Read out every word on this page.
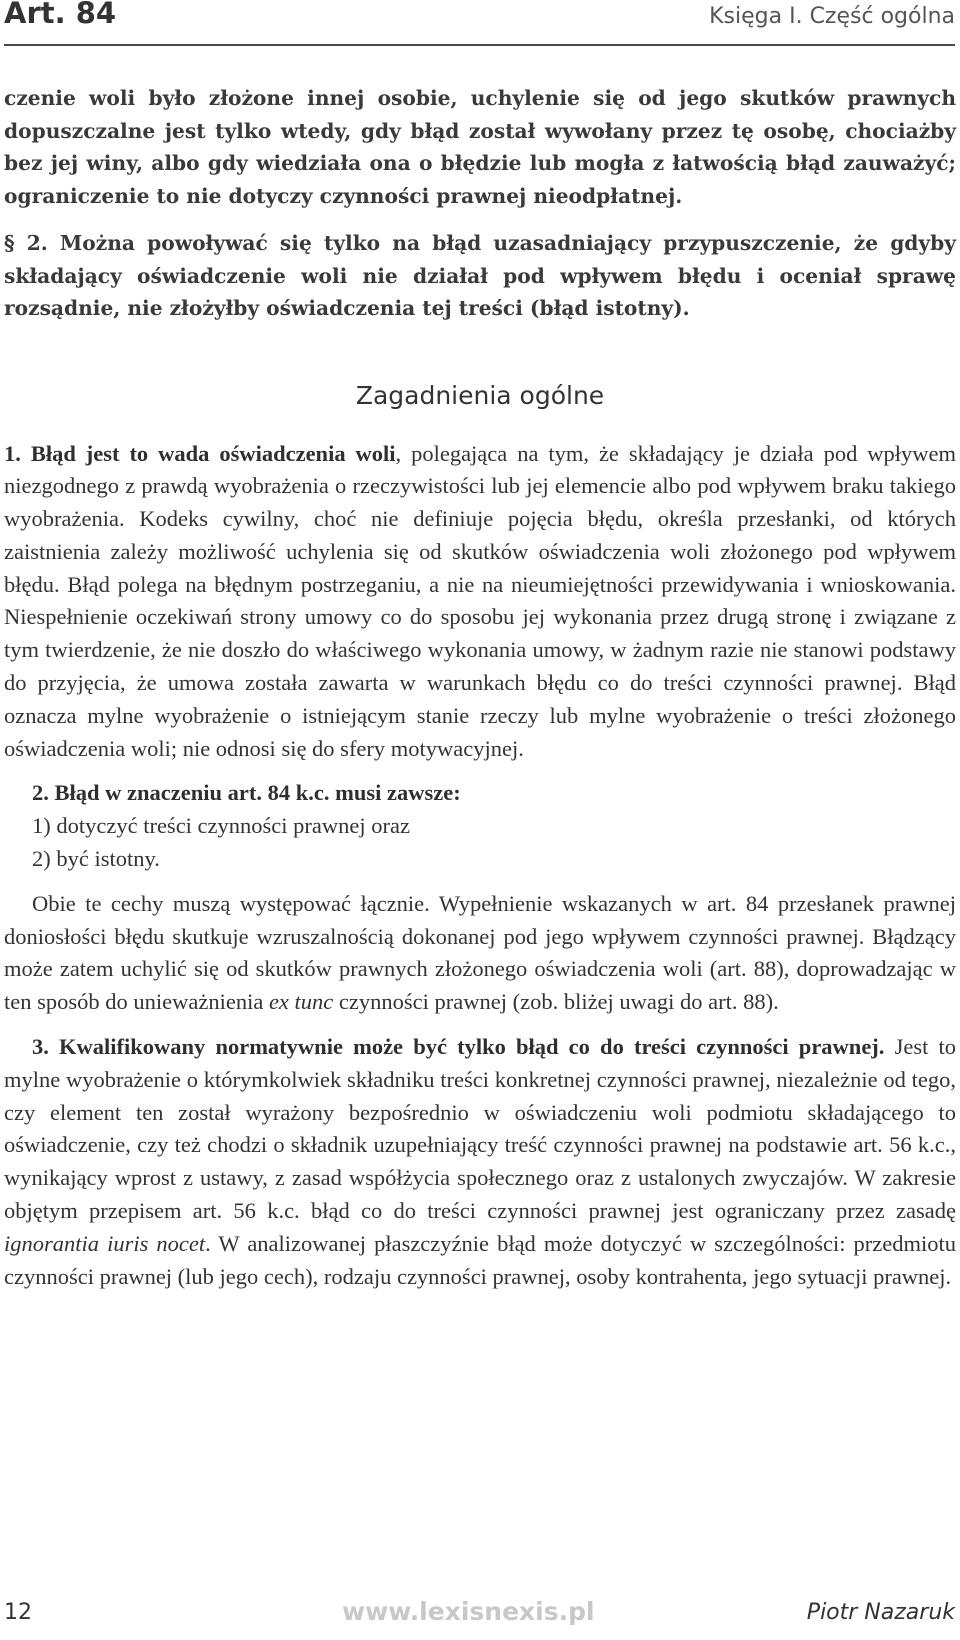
Art. 84	Księga I. Część ogólna

czenie woli było złożone innej osobie, uchylenie się od jego skutków prawnych dopuszczalne jest tylko wtedy, gdy błąd został wywołany przez tę osobę, chociażby bez jej winy, albo gdy wiedziała ona o błędzie lub mogła z łatwością błąd zauważyć; ograniczenie to nie dotyczy czynności prawnej nieodpłatnej.

§ 2. Można powoływać się tylko na błąd uzasadniający przypuszczenie, że gdyby składający oświadczenie woli nie działał pod wpływem błędu i oceniał sprawę rozsądnie, nie złożyłby oświadczenia tej treści (błąd istotny).

Zagadnienia ogólne

1. Błąd jest to wada oświadczenia woli, polegająca na tym, że składający je działa pod wpływem niezgodnego z prawdą wyobrażenia o rzeczywistości lub jej elemencie albo pod wpływem braku takiego wyobrażenia. Kodeks cywilny, choć nie definiuje pojęcia błędu, określa przesłanki, od których zaistnienia zależy możliwość uchylenia się od skutków oświadczenia woli złożonego pod wpływem błędu. Błąd polega na błędnym postrzeganiu, a nie na nieumiejętności przewidywania i wnioskowania. Niespełnienie oczekiwań strony umowy co do sposobu jej wykonania przez drugą stronę i związane z tym twierdzenie, że nie doszło do właściwego wykonania umowy, w żadnym razie nie stanowi podstawy do przyjęcia, że umowa została zawarta w warunkach błędu co do treści czynności prawnej. Błąd oznacza mylne wyobrażenie o istniejącym stanie rzeczy lub mylne wyobrażenie o treści złożonego oświadczenia woli; nie odnosi się do sfery motywacyjnej.

2. Błąd w znaczeniu art. 84 k.c. musi zawsze:

1) dotyczyć treści czynności prawnej oraz

2) być istotny.

Obie te cechy muszą występować łącznie. Wypełnienie wskazanych w art. 84 przesłanek prawnej doniosłości błędu skutkuje wzruszalnością dokonanej pod jego wpływem czynności prawnej. Błądzący może zatem uchylić się od skutków prawnych złożonego oświadczenia woli (art. 88), doprowadzając w ten sposób do unieważnienia ex tunc czynności prawnej (zob. bliżej uwagi do art. 88).

3. Kwalifikowany normatywnie może być tylko błąd co do treści czynności prawnej. Jest to mylne wyobrażenie o którymkolwiek składniku treści konkretnej czynności prawnej, niezależnie od tego, czy element ten został wyrażony bezpośrednio w oświadczeniu woli podmiotu składającego to oświadczenie, czy też chodzi o składnik uzupełniający treść czynności prawnej na podstawie art. 56 k.c., wynikający wprost z ustawy, z zasad współżycia społecznego oraz z ustalonych zwyczajów. W zakresie objętym przepisem art. 56 k.c. błąd co do treści czynności prawnej jest ograniczany przez zasadę ignorantia iuris nocet. W analizowanej płaszczyźnie błąd może dotyczyć w szczególności: przedmiotu czynności prawnej (lub jego cech), rodzaju czynności prawnej, osoby kontrahenta, jego sytuacji prawnej.

12	www.lexisnexis.pl	Piotr Nazaruk
